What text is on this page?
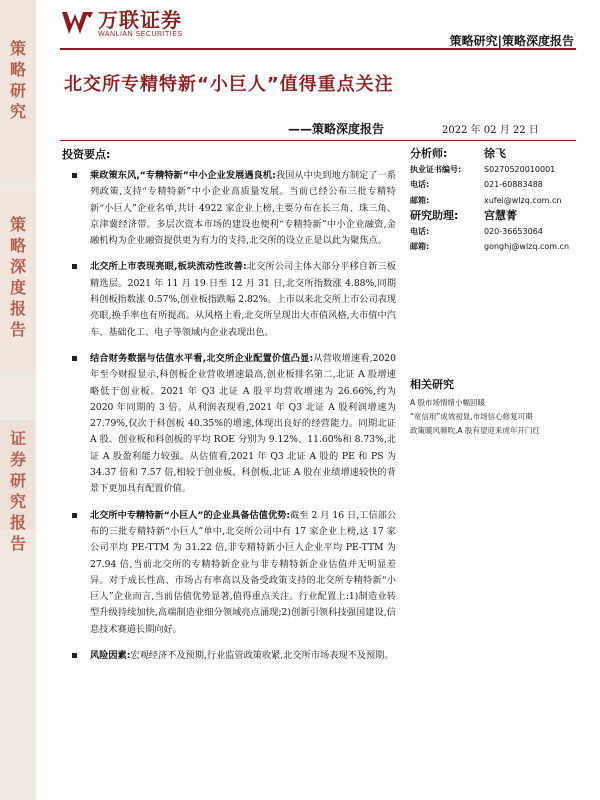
策略研究
策略深度报告
证券研究报告
万联证券
WANLIAN SECURITIES	策略研究|策略深度报告
北交所专精特新“小巨人”值得重点关注
——策略深度报告	2022 年 02 月 22 日
投资要点:
乘政策东风,“专精特新”中小企业发展遇良机:我国从中央到地方制定了一系列政策,支持“专精特新”中小企业高质量发展。当前已经公布三批专精特新“小巨人”企业名单,共计 4922 家企业上榜,主要分布在长三角、珠三角、京津冀经济带。多层次资本市场的建设也便利“专精特新”中小企业融资,金融机构为企业融资提供更为有力的支持,北交所的设立正是以此为聚焦点。
北交所上市表现亮眼,板块流动性改善:北交所公司主体大部分平移自新三板精选层。2021 年 11 月 19 日至 12 月 31 日,北交所指数涨 4.88%,同期科创板指数涨 0.57%,创业板指跌幅 2.82%。上市以来北交所上市公司表现亮眼,换手率也有所提高。从风格上看,北交所呈现出大市值风格,大市值中汽车、基础化工、电子等领域内企业表现出色。
结合财务数据与估值水平看,北交所企业配置价值凸显:从营收增速看,2020 年至今财报显示,科创板企业营收增速最高,创业板排名第二,北证 A 股增速略低于创业板。2021 年 Q3 北证 A 股平均营收增速为 26.66%,约为 2020 年同期的 3 倍。从利润表现看,2021 年 Q3 北证 A 股利润增速为 27.79%,仅次于科创板 40.35%的增速,体现出良好的经营能力。同期北证 A 股、创业板和科创板的平均 ROE 分别为 9.12%、11.60%和 8.73%,北证 A 股盈利能力较强。从估值看,2021 年 Q3 北证 A 股的 PE 和 PS 为 34.37 倍和 7.57 倍,相较于创业板、科创板,北证 A 股在业绩增速较快的背景下更加具有配置价值。
北交所中专精特新“小巨人”的企业具备估值优势:截至 2 月 16 日,工信部公布的三批专精特新“小巨人”单中,北交所公司中有 17 家企业上榜,这 17 家公司平均 PE-TTM 为 31.22 倍,非专精特新小巨人企业平均 PE-TTM 为 27.94 倍,当前北交所的专精特新企业与非专精特新企业估值并无明显差异。对于成长性高、市场占有率高以及备受政策支持的北交所专精特新“小巨人”企业而言,当前估值优势显著,值得重点关注。行业配置上:1)制造业转型升级持续加快,高端制造业细分领域亮点涌现;2)创新引领科技强国建设,信息技术赛道长期向好。
风险因素:宏观经济不及预期,行业监管政策收紧,北交所市场表现不及预期。
分析师:	徐飞
执业证书编号:	S0270520010001
电话:	021-60883488
邮箱:	xufei@wlzq.com.cn
研究助理:	宫慧菁
电话:	020-36653064
邮箱:	gonghj@wlzq.com.cn
相关研究
A 股市场情绪小幅回暖
“宽信用”成效初显,市场信心修复可期
政策暖风频吹,A 股有望迎来虎年开门红
